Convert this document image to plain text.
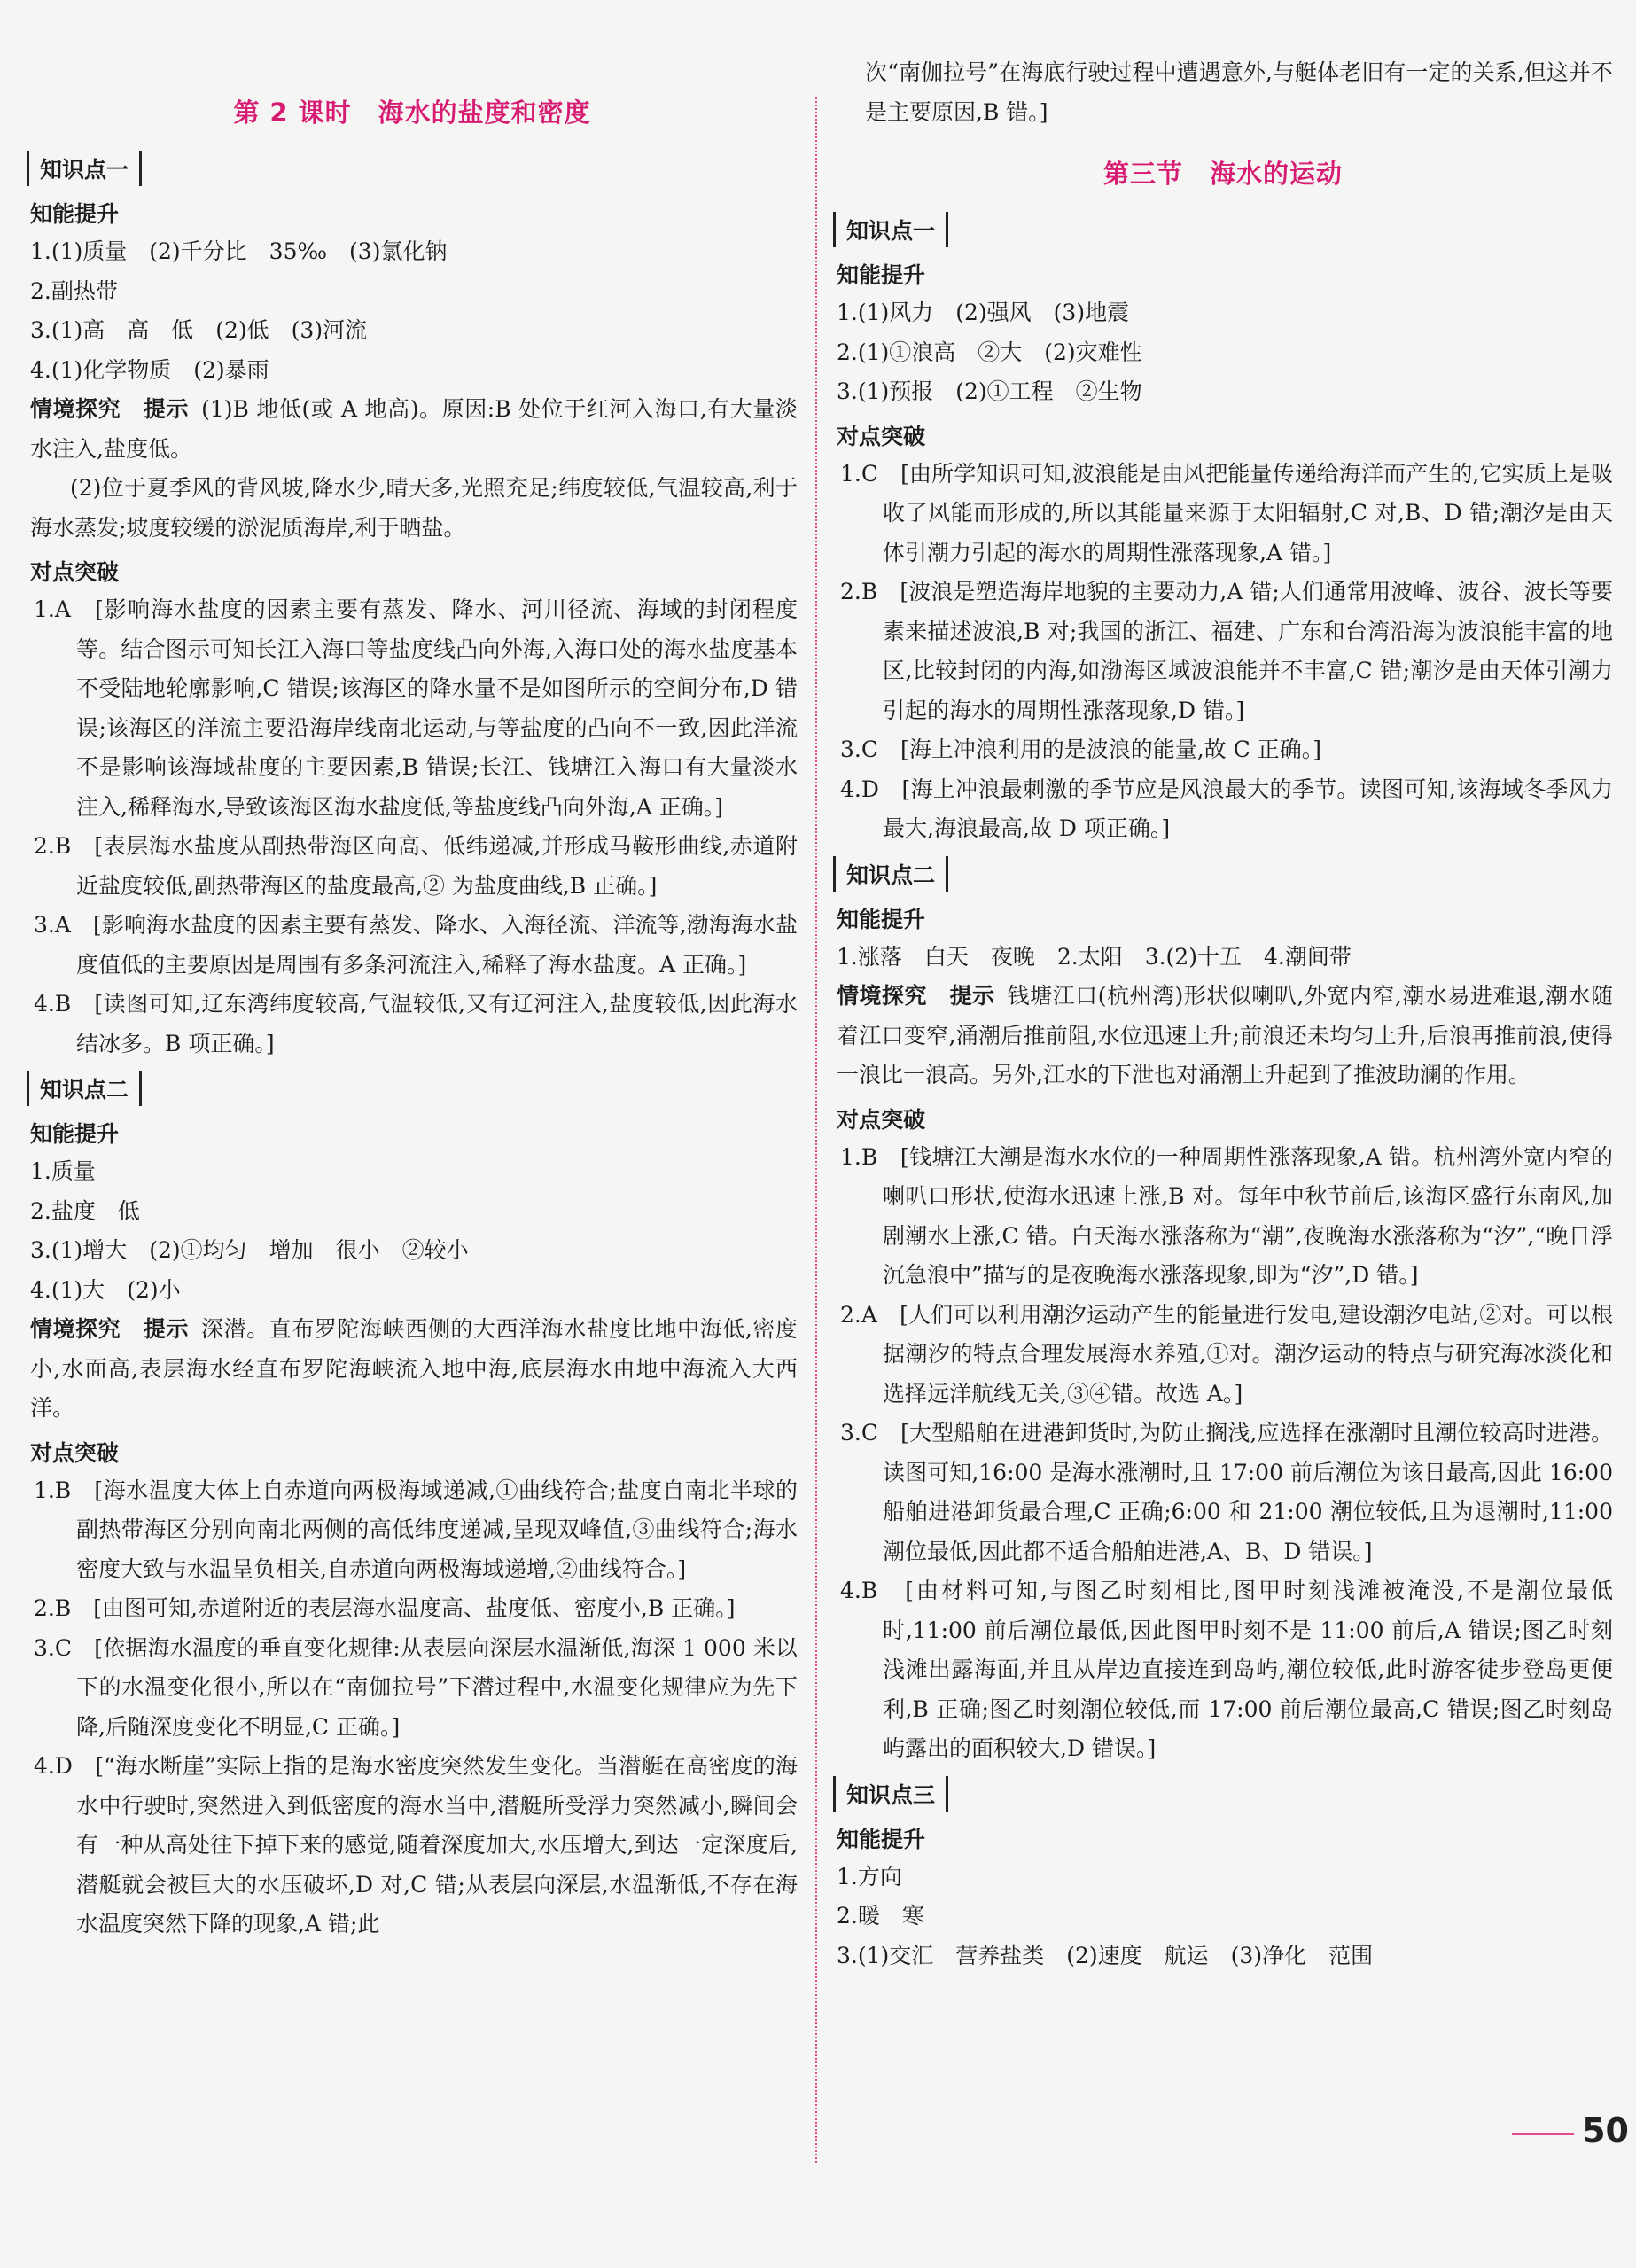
第 2 课时　海水的盐度和密度
知识点一
知能提升
1.(1)质量　(2)千分比　35‰　(3)氯化钠
2.副热带
3.(1)高　高　低　(2)低　(3)河流
4.(1)化学物质　(2)暴雨
情境探究　提示 (1)B 地低(或 A 地高)。原因:B 处位于红河入海口,有大量淡水注入,盐度低。
(2)位于夏季风的背风坡,降水少,晴天多,光照充足;纬度较低,气温较高,利于海水蒸发;坡度较缓的淤泥质海岸,利于晒盐。
对点突破
1.A　[影响海水盐度的因素主要有蒸发、降水、河川径流、海域的封闭程度等。结合图示可知长江入海口等盐度线凸向外海,入海口处的海水盐度基本不受陆地轮廓影响,C 错误;该海区的降水量不是如图所示的空间分布,D 错误;该海区的洋流主要沿海岸线南北运动,与等盐度的凸向不一致,因此洋流不是影响该海域盐度的主要因素,B 错误;长江、钱塘江入海口有大量淡水注入,稀释海水,导致该海区海水盐度低,等盐度线凸向外海,A 正确。]
2.B　[表层海水盐度从副热带海区向高、低纬递减,并形成马鞍形曲线,赤道附近盐度较低,副热带海区的盐度最高,② 为盐度曲线,B 正确。]
3.A　[影响海水盐度的因素主要有蒸发、降水、入海径流、洋流等,渤海海水盐度值低的主要原因是周围有多条河流注入,稀释了海水盐度。A 正确。]
4.B　[读图可知,辽东湾纬度较高,气温较低,又有辽河注入,盐度较低,因此海水结冰多。B 项正确。]
知识点二
知能提升
1.质量
2.盐度　低
3.(1)增大　(2)①均匀　增加　很小　②较小
4.(1)大　(2)小
情境探究　提示 深潜。直布罗陀海峡西侧的大西洋海水盐度比地中海低,密度小,水面高,表层海水经直布罗陀海峡流入地中海,底层海水由地中海流入大西洋。
对点突破
1.B　[海水温度大体上自赤道向两极海域递减,①曲线符合;盐度自南北半球的副热带海区分别向南北两侧的高低纬度递减,呈现双峰值,③曲线符合;海水密度大致与水温呈负相关,自赤道向两极海域递增,②曲线符合。]
2.B　[由图可知,赤道附近的表层海水温度高、盐度低、密度小,B 正确。]
3.C　[依据海水温度的垂直变化规律:从表层向深层水温渐低,海深 1 000 米以下的水温变化很小,所以在“南伽拉号”下潜过程中,水温变化规律应为先下降,后随深度变化不明显,C 正确。]
4.D　[“海水断崖”实际上指的是海水密度突然发生变化。当潜艇在高密度的海水中行驶时,突然进入到低密度的海水当中,潜艇所受浮力突然减小,瞬间会有一种从高处往下掉下来的感觉,随着深度加大,水压增大,到达一定深度后,潜艇就会被巨大的水压破坏,D 对,C 错;从表层向深层,水温渐低,不存在海水温度突然下降的现象,A 错;此
次“南伽拉号”在海底行驶过程中遭遇意外,与艇体老旧有一定的关系,但这并不是主要原因,B 错。]
第三节　海水的运动
知识点一
知能提升
1.(1)风力　(2)强风　(3)地震
2.(1)①浪高　②大　(2)灾难性
3.(1)预报　(2)①工程　②生物
对点突破
1.C　[由所学知识可知,波浪能是由风把能量传递给海洋而产生的,它实质上是吸收了风能而形成的,所以其能量来源于太阳辐射,C 对,B、D 错;潮汐是由天体引潮力引起的海水的周期性涨落现象,A 错。]
2.B　[波浪是塑造海岸地貌的主要动力,A 错;人们通常用波峰、波谷、波长等要素来描述波浪,B 对;我国的浙江、福建、广东和台湾沿海为波浪能丰富的地区,比较封闭的内海,如渤海区域波浪能并不丰富,C 错;潮汐是由天体引潮力引起的海水的周期性涨落现象,D 错。]
3.C　[海上冲浪利用的是波浪的能量,故 C 正确。]
4.D　[海上冲浪最刺激的季节应是风浪最大的季节。读图可知,该海域冬季风力最大,海浪最高,故 D 项正确。]
知识点二
知能提升
1.涨落　白天　夜晚　2.太阳　3.(2)十五　4.潮间带
情境探究　提示 钱塘江口(杭州湾)形状似喇叭,外宽内窄,潮水易进难退,潮水随着江口变窄,涌潮后推前阻,水位迅速上升;前浪还未均匀上升,后浪再推前浪,使得一浪比一浪高。另外,江水的下泄也对涌潮上升起到了推波助澜的作用。
对点突破
1.B　[钱塘江大潮是海水水位的一种周期性涨落现象,A 错。杭州湾外宽内窄的喇叭口形状,使海水迅速上涨,B 对。每年中秋节前后,该海区盛行东南风,加剧潮水上涨,C 错。白天海水涨落称为“潮”,夜晚海水涨落称为“汐”,“晚日浮沉急浪中”描写的是夜晚海水涨落现象,即为“汐”,D 错。]
2.A　[人们可以利用潮汐运动产生的能量进行发电,建设潮汐电站,②对。可以根据潮汐的特点合理发展海水养殖,①对。潮汐运动的特点与研究海冰淡化和选择远洋航线无关,③④错。故选 A。]
3.C　[大型船舶在进港卸货时,为防止搁浅,应选择在涨潮时且潮位较高时进港。读图可知,16:00 是海水涨潮时,且 17:00 前后潮位为该日最高,因此 16:00 船舶进港卸货最合理,C 正确;6:00 和 21:00 潮位较低,且为退潮时,11:00 潮位最低,因此都不适合船舶进港,A、B、D 错误。]
4.B　[由材料可知,与图乙时刻相比,图甲时刻浅滩被淹没,不是潮位最低时,11:00 前后潮位最低,因此图甲时刻不是 11:00 前后,A 错误;图乙时刻浅滩出露海面,并且从岸边直接连到岛屿,潮位较低,此时游客徒步登岛更便利,B 正确;图乙时刻潮位较低,而 17:00 前后潮位最高,C 错误;图乙时刻岛屿露出的面积较大,D 错误。]
知识点三
知能提升
1.方向
2.暖　寒
3.(1)交汇　营养盐类　(2)速度　航运　(3)净化　范围
50
